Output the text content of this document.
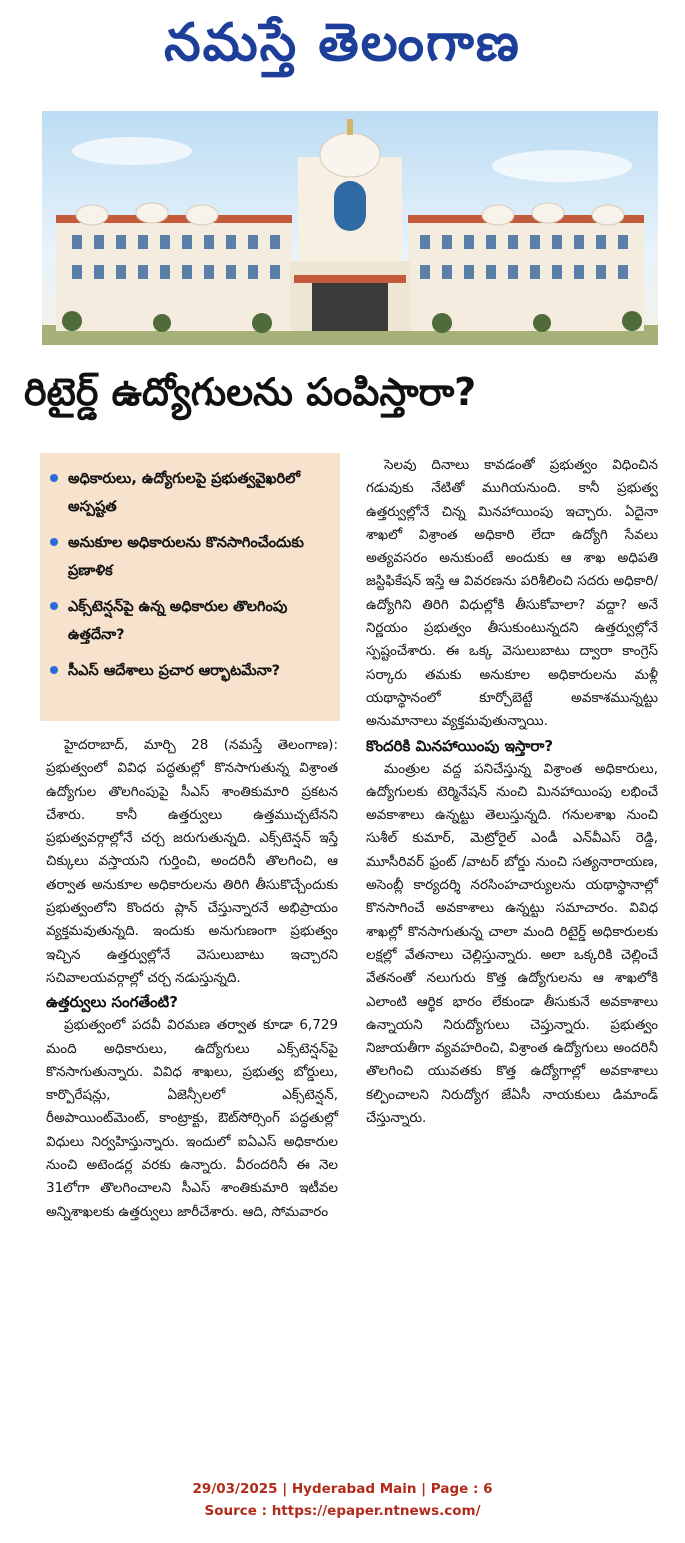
నమస్తే తెలంగాణ
రిటైర్డ్ ఉద్యోగులను పంపిస్తారా?
అధికారులు, ఉద్యోగులపై ప్రభుత్వవైఖరిలో అస్పష్టత
అనుకూల అధికారులను కొనసాగించేందుకు ప్రణాళిక
ఎక్స్‌టెన్షన్‌పై ఉన్న అధికారుల తొలగింపు ఉత్తదేనా?
సీఎస్ ఆదేశాలు ప్రచార ఆర్భాటమేనా?

హైదరాబాద్, మార్చి 28 (నమస్తే తెలంగాణ): ప్రభుత్వంలో వివిధ పద్ధతుల్లో కొనసాగుతున్న విశ్రాంత ఉద్యోగుల తొలగింపుపై సీఎస్ శాంతికుమారి ప్రకటన చేశారు. కానీ ఉత్తర్వులు ఉత్తముచ్చటేనని ప్రభుత్వవర్గాల్లోనే చర్చ జరుగుతున్నది. ఎక్స్‌టెన్షన్ ఇస్తే చిక్కులు వస్తాయని గుర్తించి, అందరినీ తొలగించి, ఆ తర్వాత అనుకూల అధికారులను తిరిగి తీసుకొచ్చేందుకు ప్రభుత్వంలోని కొందరు ప్లాన్ చేస్తున్నారనే అభిప్రాయం వ్యక్తమవుతున్నది. ఇందుకు అనుగుణంగా ప్రభుత్వం ఇచ్చిన ఉత్తర్వుల్లోనే వెసులుబాటు ఇచ్చారని సచివాలయవర్గాల్లో చర్చ నడుస్తున్నది.

ఉత్తర్వులు సంగతేంటి?

ప్రభుత్వంలో పదవీ విరమణ తర్వాత కూడా 6,729 మంది అధికారులు, ఉద్యోగులు ఎక్స్‌టెన్షన్‌పై కొనసాగుతున్నారు. వివిధ శాఖలు, ప్రభుత్వ బోర్డులు, కార్పొరేషన్లు, ఏజెన్సీలలో ఎక్స్‌టెన్షన్, రీఅపాయింట్‌మెంట్, కాంట్రాక్టు, ఔట్‌సోర్సింగ్ పద్ధతుల్లో విధులు నిర్వహిస్తున్నారు. ఇందులో ఐఏఎస్ అధికారుల నుంచి అటెండర్ల వరకు ఉన్నారు. వీరందరినీ ఈ నెల 31లోగా తొలగించాలని సీఎస్ శాంతికుమారి ఇటీవల అన్నిశాఖలకు ఉత్తర్వులు జారీచేశారు. ఆది, సోమవారం

సెలవు దినాలు కావడంతో ప్రభుత్వం విధించిన గడువుకు నేటితో ముగియనుంది. కానీ ప్రభుత్వ ఉత్తర్వుల్లోనే చిన్న మినహాయింపు ఇచ్చారు. ఏదైనా శాఖలో విశ్రాంత అధికారి లేదా ఉద్యోగి సేవలు అత్యవసరం అనుకుంటే అందుకు ఆ శాఖ అధిపతి జస్టిఫికేషన్ ఇస్తే ఆ వివరణను పరిశీలించి సదరు అధికారి/ఉద్యోగిని తిరిగి విధుల్లోకి తీసుకోవాలా? వద్దా? అనే నిర్ణయం ప్రభుత్వం తీసుకుంటున్నదని ఉత్తర్వుల్లోనే స్పష్టంచేశారు. ఈ ఒక్క వెసులుబాటు ద్వారా కాంగ్రెస్ సర్కారు తమకు అనుకూల అధికారులను మళ్లీ యథాస్థానంలో కూర్చోబెట్టే అవకాశమున్నట్టు అనుమానాలు వ్యక్తమవుతున్నాయి.

కొందరికి మినహాయింపు ఇస్తారా?

మంత్రుల వద్ద పనిచేస్తున్న విశ్రాంత అధికారులు, ఉద్యోగులకు టెర్మినేషన్ నుంచి మినహాయింపు లభించే అవకాశాలు ఉన్నట్టు తెలుస్తున్నది. గనులశాఖ నుంచి సుశీల్ కుమార్, మెట్రోరైల్ ఎండీ ఎన్‌వీఎస్ రెడ్డి, మూసీరివర్ ఫ్రంట్ /వాటర్ బోర్డు నుంచి సత్యనారాయణ, అసెంబ్లీ కార్యదర్శి నరసింహచార్యులను యథాస్థానాల్లో కొనసాగించే అవకాశాలు ఉన్నట్టు సమాచారం. వివిధ శాఖల్లో కొనసాగుతున్న చాలా మంది రిటైర్డ్ అధికారులకు లక్షల్లో వేతనాలు చెల్లిస్తున్నారు. అలా ఒక్కరికి చెల్లించే వేతనంతో నలుగురు కొత్త ఉద్యోగులను ఆ శాఖలోకి ఎలాంటి ఆర్థిక భారం లేకుండా తీసుకునే అవకాశాలు ఉన్నాయని నిరుద్యోగులు చెప్తున్నారు. ప్రభుత్వం నిజాయతీగా వ్యవహరించి, విశ్రాంత ఉద్యోగులు అందరినీ తొలగించి యువతకు కొత్త ఉద్యోగాల్లో అవకాశాలు కల్పించాలని నిరుద్యోగ జేఏసీ నాయకులు డిమాండ్ చేస్తున్నారు.

29/03/2025 | Hyderabad Main | Page : 6
Source : https://epaper.ntnews.com/
